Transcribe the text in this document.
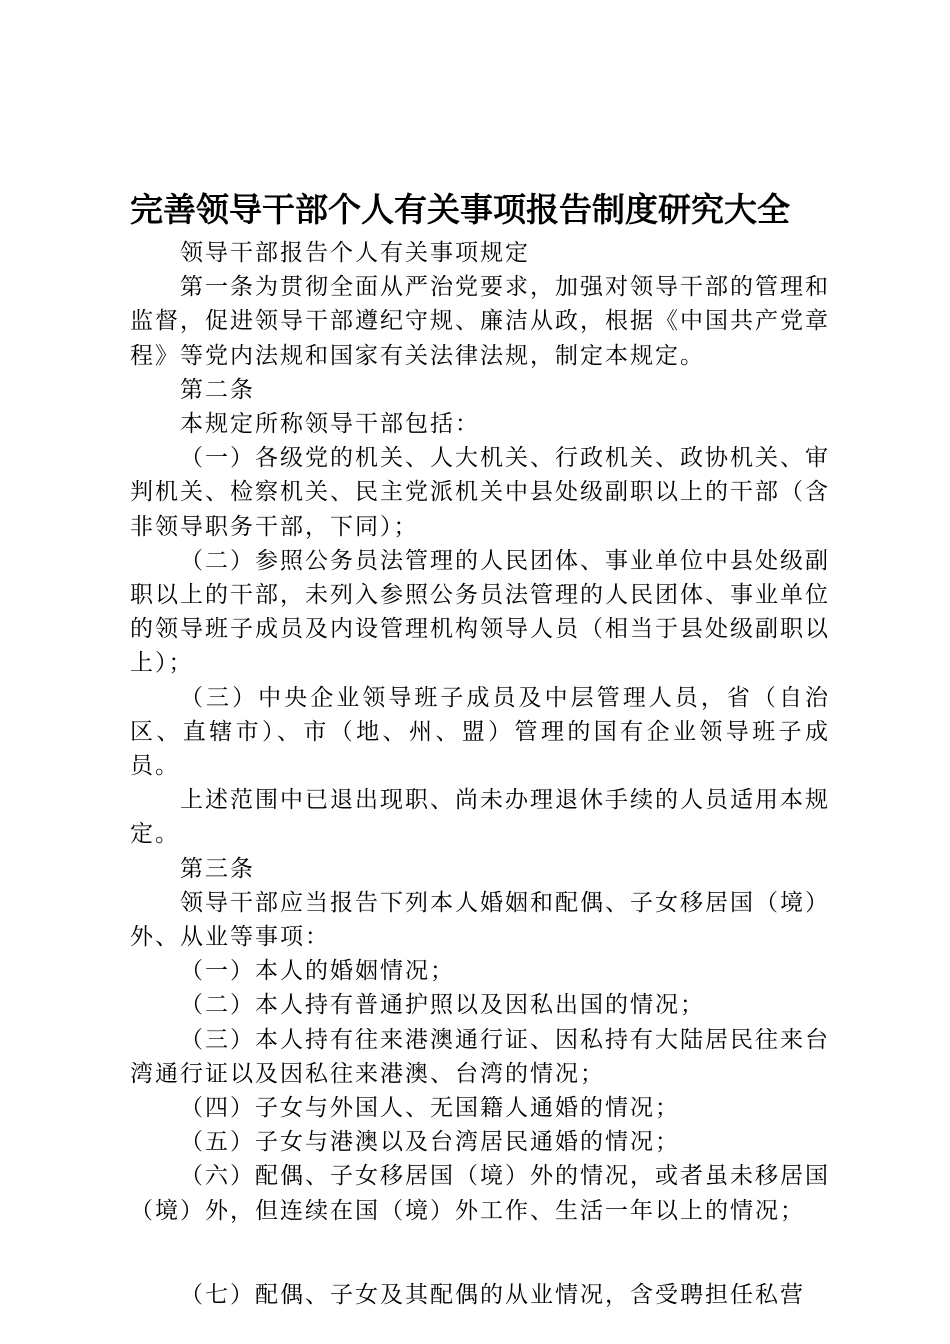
完善领导干部个人有关事项报告制度研究大全

领导干部报告个人有关事项规定

第一条为贯彻全面从严治党要求，加强对领导干部的管理和监督，促进领导干部遵纪守规、廉洁从政，根据《中国共产党章程》等党内法规和国家有关法律法规，制定本规定。

第二条

本规定所称领导干部包括：

（一）各级党的机关、人大机关、行政机关、政协机关、审判机关、检察机关、民主党派机关中县处级副职以上的干部（含非领导职务干部，下同）；

（二）参照公务员法管理的人民团体、事业单位中县处级副职以上的干部，未列入参照公务员法管理的人民团体、事业单位的领导班子成员及内设管理机构领导人员（相当于县处级副职以上）；

（三）中央企业领导班子成员及中层管理人员，省（自治区、直辖市）、市（地、州、盟）管理的国有企业领导班子成员。

上述范围中已退出现职、尚未办理退休手续的人员适用本规定。

第三条

领导干部应当报告下列本人婚姻和配偶、子女移居国（境）外、从业等事项：

（一）本人的婚姻情况；

（二）本人持有普通护照以及因私出国的情况；

（三）本人持有往来港澳通行证、因私持有大陆居民往来台湾通行证以及因私往来港澳、台湾的情况；

（四）子女与外国人、无国籍人通婚的情况；

（五）子女与港澳以及台湾居民通婚的情况；

（六）配偶、子女移居国（境）外的情况，或者虽未移居国（境）外，但连续在国（境）外工作、生活一年以上的情况；

（七）配偶、子女及其配偶的从业情况，含受聘担任私营
